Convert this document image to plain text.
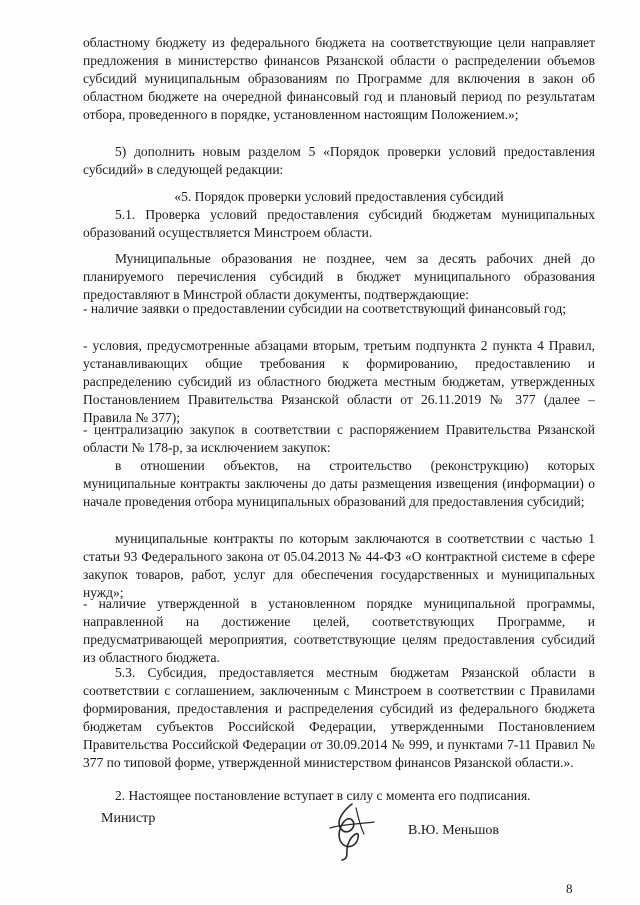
областному бюджету из федерального бюджета на соответствующие цели направляет предложения в министерство финансов Рязанской области о распределении объемов субсидий муниципальным образованиям по Программе для включения в закон об областном бюджете на очередной финансовый год и плановый период по результатам отбора, проведенного в порядке, установленном настоящим Положением.»;

5) дополнить новым разделом 5 «Порядок проверки условий предоставления субсидий» в следующей редакции:

«5. Порядок проверки условий предоставления субсидий

5.1. Проверка условий предоставления субсидий бюджетам муниципальных образований осуществляется Минстроем области.

Муниципальные образования не позднее, чем за десять рабочих дней до планируемого перечисления субсидий в бюджет муниципального образования предоставляют в Минстрой области документы, подтверждающие:

- наличие заявки о предоставлении субсидии на соответствующий финансовый год;

- условия, предусмотренные абзацами вторым, третьим подпункта 2 пункта 4 Правил, устанавливающих общие требования к формированию, предоставлению и распределению субсидий из областного бюджета местным бюджетам, утвержденных Постановлением Правительства Рязанской области от 26.11.2019 № 377 (далее – Правила № 377);

- централизацию закупок в соответствии с распоряжением Правительства Рязанской области № 178-р, за исключением закупок:

в отношении объектов, на строительство (реконструкцию) которых муниципальные контракты заключены до даты размещения извещения (информации) о начале проведения отбора муниципальных образований для предоставления субсидий;

муниципальные контракты по которым заключаются в соответствии с частью 1 статьи 93 Федерального закона от 05.04.2013 № 44-ФЗ «О контрактной системе в сфере закупок товаров, работ, услуг для обеспечения государственных и муниципальных нужд»;

- наличие утвержденной в установленном порядке муниципальной программы, направленной на достижение целей, соответствующих Программе, и предусматривающей мероприятия, соответствующие целям предоставления субсидий из областного бюджета.

5.3. Субсидия, предоставляется местным бюджетам Рязанской области в соответствии с соглашением, заключенным с Минстроем в соответствии с Правилами формирования, предоставления и распределения субсидий из федерального бюджета бюджетам субъектов Российской Федерации, утвержденными Постановлением Правительства Российской Федерации от 30.09.2014 № 999, и пунктами 7-11 Правил № 377 по типовой форме, утвержденной министерством финансов Рязанской области.».

2. Настоящее постановление вступает в силу с момента его подписания.

Министр
В.Ю. Меньшов
8
